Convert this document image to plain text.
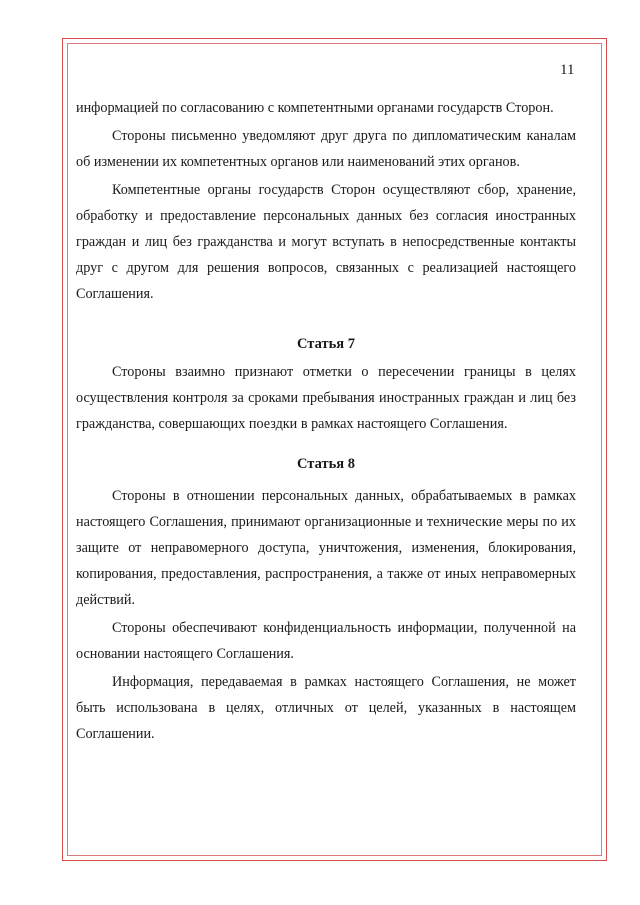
11

информацией по согласованию с компетентными органами государств Сторон.

Стороны письменно уведомляют друг друга по дипломатическим каналам об изменении их компетентных органов или наименований этих органов.

Компетентные органы государств Сторон осуществляют сбор, хранение, обработку и предоставление персональных данных без согласия иностранных граждан и лиц без гражданства и могут вступать в непосредственные контакты друг с другом для решения вопросов, связанных с реализацией настоящего Соглашения.

Статья 7

Стороны взаимно признают отметки о пересечении границы в целях осуществления контроля за сроками пребывания иностранных граждан и лиц без гражданства, совершающих поездки в рамках настоящего Соглашения.

Статья 8

Стороны в отношении персональных данных, обрабатываемых в рамках настоящего Соглашения, принимают организационные и технические меры по их защите от неправомерного доступа, уничтожения, изменения, блокирования, копирования, предоставления, распространения, а также от иных неправомерных действий.

Стороны обеспечивают конфиденциальность информации, полученной на основании настоящего Соглашения.

Информация, передаваемая в рамках настоящего Соглашения, не может быть использована в целях, отличных от целей, указанных в настоящем Соглашении.
